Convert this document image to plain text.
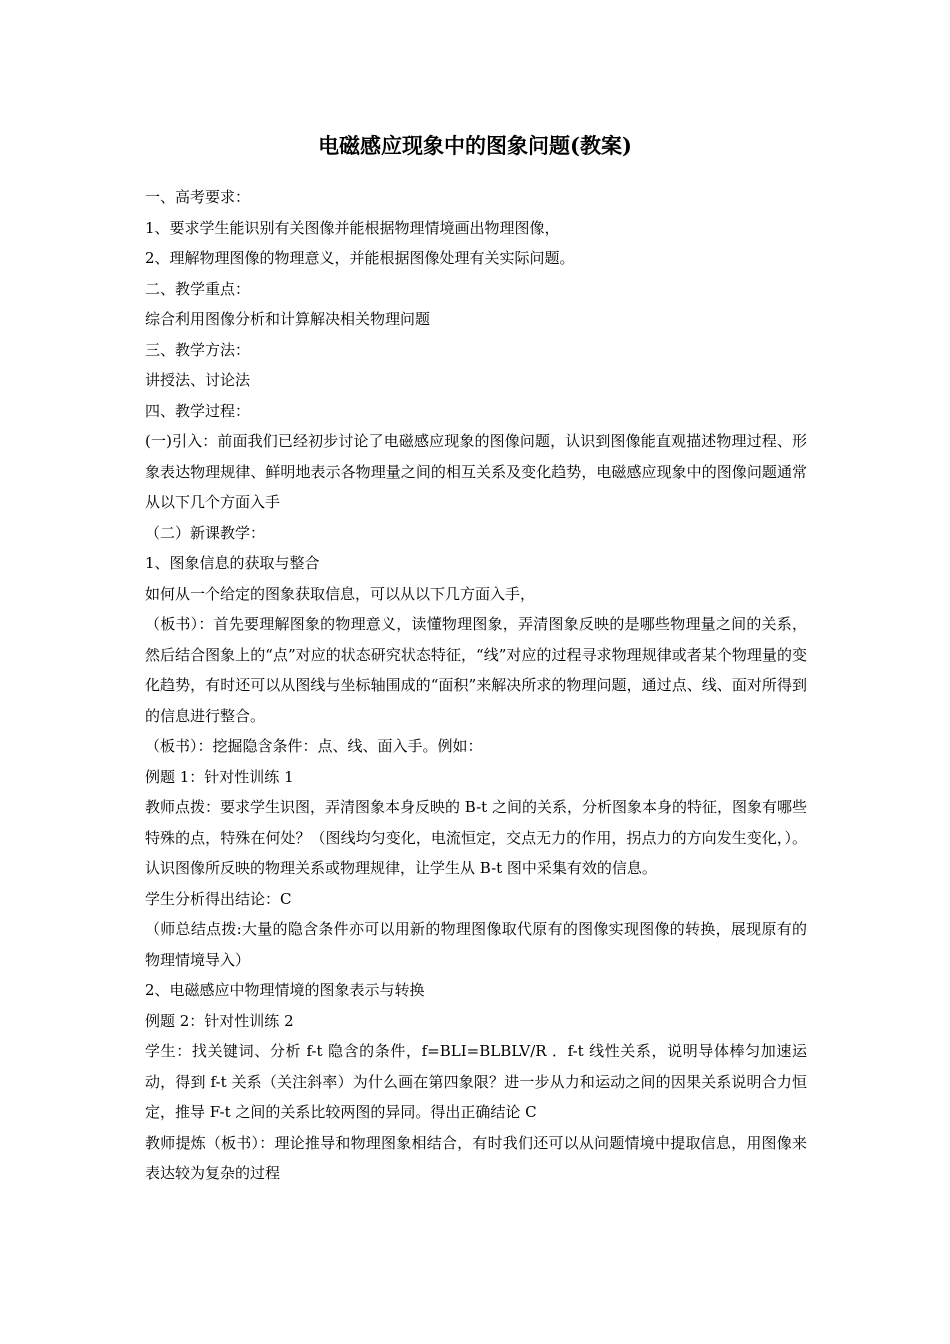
电磁感应现象中的图象问题(教案)

一、高考要求：

1、要求学生能识别有关图像并能根据物理情境画出物理图像，

2、理解物理图像的物理意义，并能根据图像处理有关实际问题。

二、教学重点：

综合利用图像分析和计算解决相关物理问题

三、教学方法：

讲授法、讨论法

四、教学过程：

(一)引入：前面我们已经初步讨论了电磁感应现象的图像问题，认识到图像能直观描述物理过程、形象表达物理规律、鲜明地表示各物理量之间的相互关系及变化趋势，电磁感应现象中的图像问题通常从以下几个方面入手

（二）新课教学：

1、图象信息的获取与整合

如何从一个给定的图象获取信息，可以从以下几方面入手，

（板书）：首先要理解图象的物理意义，读懂物理图象，弄清图象反映的是哪些物理量之间的关系，然后结合图象上的“点”对应的状态研究状态特征，“线”对应的过程寻求物理规律或者某个物理量的变化趋势，有时还可以从图线与坐标轴围成的“面积”来解决所求的物理问题，通过点、线、面对所得到的信息进行整合。

（板书）：挖掘隐含条件：点、线、面入手。例如：

例题 1：针对性训练 1

教师点拨：要求学生识图，弄清图象本身反映的 B-t 之间的关系，分析图象本身的特征，图象有哪些特殊的点，特殊在何处？（图线均匀变化，电流恒定，交点无力的作用，拐点力的方向发生变化，）。认识图像所反映的物理关系或物理规律，让学生从 B-t 图中采集有效的信息。

学生分析得出结论：C

（师总结点拨:大量的隐含条件亦可以用新的物理图像取代原有的图像实现图像的转换，展现原有的物理情境导入）

2、电磁感应中物理情境的图象表示与转换

例题 2：针对性训练 2

学生：找关键词、分析 f-t 隐含的条件，f=BLI=BLBLV/R ．f-t 线性关系，说明导体棒匀加速运动，得到 f-t 关系（关注斜率）为什么画在第四象限？进一步从力和运动之间的因果关系说明合力恒定，推导 F-t 之间的关系比较两图的异同。得出正确结论 C

教师提炼（板书）：理论推导和物理图象相结合，有时我们还可以从问题情境中提取信息，用图像来表达较为复杂的过程
